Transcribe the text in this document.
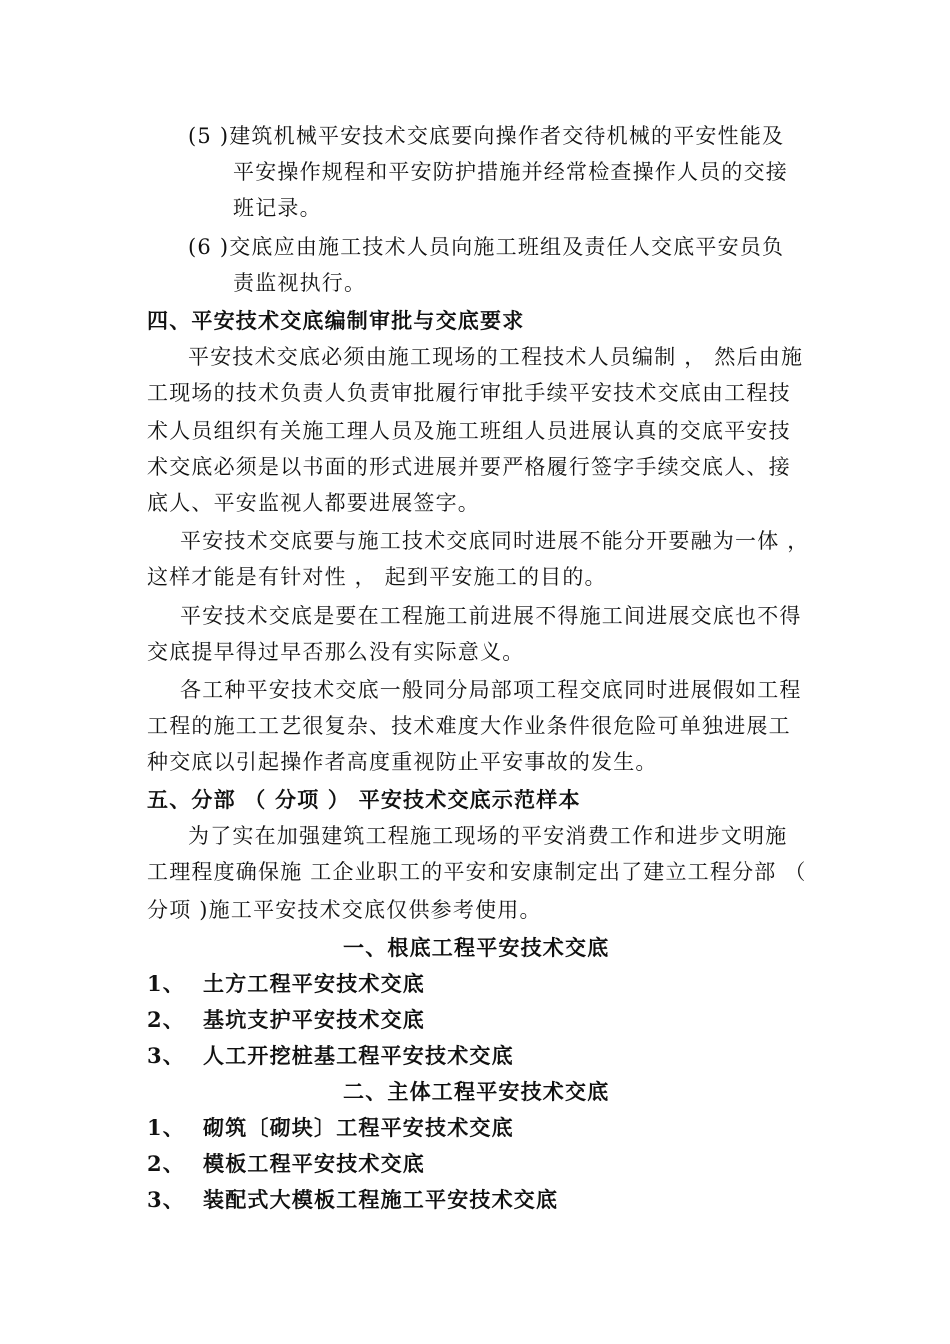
(5 )建筑机械平安技术交底要向操作者交待机械的平安性能及
平安操作规程和平安防护措施并经常检查操作人员的交接
班记录。
(6 )交底应由施工技术人员向施工班组及责任人交底平安员负
责监视执行。
四、平安技术交底编制审批与交底要求
平安技术交底必须由施工现场的工程技术人员编制 ， 然后由施
工现场的技术负责人负责审批履行审批手续平安技术交底由工程技
术人员组织有关施工理人员及施工班组人员进展认真的交底平安技
术交底必须是以书面的形式进展并要严格履行签字手续交底人、接
底人、平安监视人都要进展签字。
平安技术交底要与施工技术交底同时进展不能分开要融为一体 ，
这样才能是有针对性 ， 起到平安施工的目的。
平安技术交底是要在工程施工前进展不得施工间进展交底也不得
交底提早得过早否那么没有实际意义。
各工种平安技术交底一般同分局部项工程交底同时进展假如工程
工程的施工工艺很复杂、技术难度大作业条件很危险可单独进展工
种交底以引起操作者高度重视防止平安事故的发生。
五、分部 （ 分项 ） 平安技术交底示范样本
为了实在加强建筑工程施工现场的平安消费工作和进步文明施
工理程度确保施 工企业职工的平安和安康制定出了建立工程分部 （
分项 )施工平安技术交底仅供参考使用。
一、根底工程平安技术交底
1、 土方工程平安技术交底
2、 基坑支护平安技术交底
3、 人工开挖桩基工程平安技术交底
二、主体工程平安技术交底
1、 砌筑〔砌块〕工程平安技术交底
2、 模板工程平安技术交底
3、 装配式大模板工程施工平安技术交底
